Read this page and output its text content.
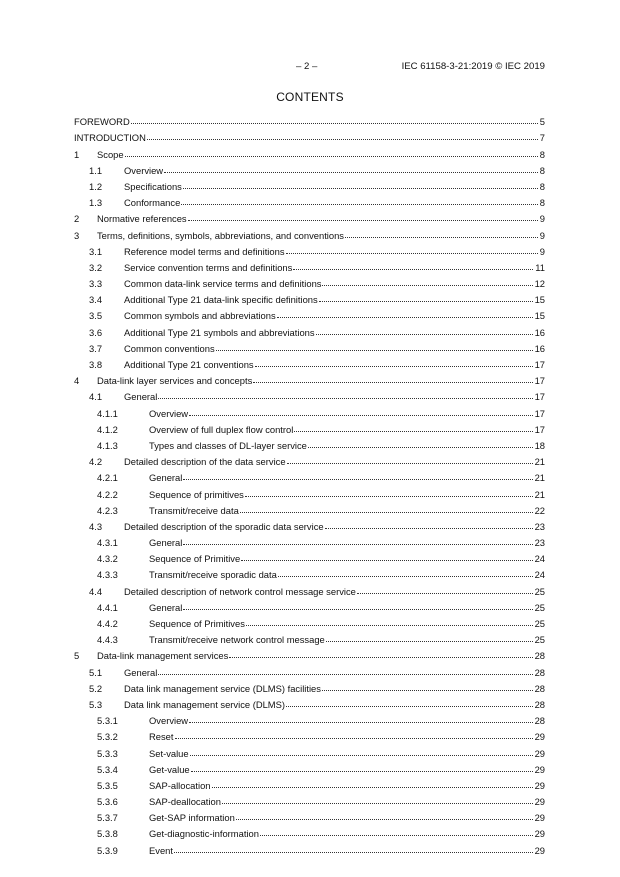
– 2 –	IEC 61158-3-21:2019 © IEC 2019
CONTENTS
FOREWORD	5
INTRODUCTION	7
1 Scope	8
1.1 Overview	8
1.2 Specifications	8
1.3 Conformance	8
2 Normative references	9
3 Terms, definitions, symbols, abbreviations, and conventions	9
3.1 Reference model terms and definitions	9
3.2 Service convention terms and definitions	11
3.3 Common data-link service terms and definitions	12
3.4 Additional Type 21 data-link specific definitions	15
3.5 Common symbols and abbreviations	15
3.6 Additional Type 21 symbols and abbreviations	16
3.7 Common conventions	16
3.8 Additional Type 21 conventions	17
4 Data-link layer services and concepts	17
4.1 General	17
4.1.1	Overview	17
4.1.2	Overview of full duplex flow control	17
4.1.3	Types and classes of DL-layer service	18
4.2 Detailed description of the data service	21
4.2.1	General	21
4.2.2	Sequence of primitives	21
4.2.3	Transmit/receive data	22
4.3 Detailed description of the sporadic data service	23
4.3.1	General	23
4.3.2	Sequence of Primitive	24
4.3.3	Transmit/receive sporadic data	24
4.4 Detailed description of network control message service	25
4.4.1	General	25
4.4.2	Sequence of Primitives	25
4.4.3	Transmit/receive network control message	25
5 Data-link management services	28
5.1 General	28
5.2 Data link management service (DLMS) facilities	28
5.3 Data link management service (DLMS)	28
5.3.1	Overview	28
5.3.2	Reset	29
5.3.3	Set-value	29
5.3.4	Get-value	29
5.3.5	SAP-allocation	29
5.3.6	SAP-deallocation	29
5.3.7	Get-SAP information	29
5.3.8	Get-diagnostic-information	29
5.3.9	Event	29
